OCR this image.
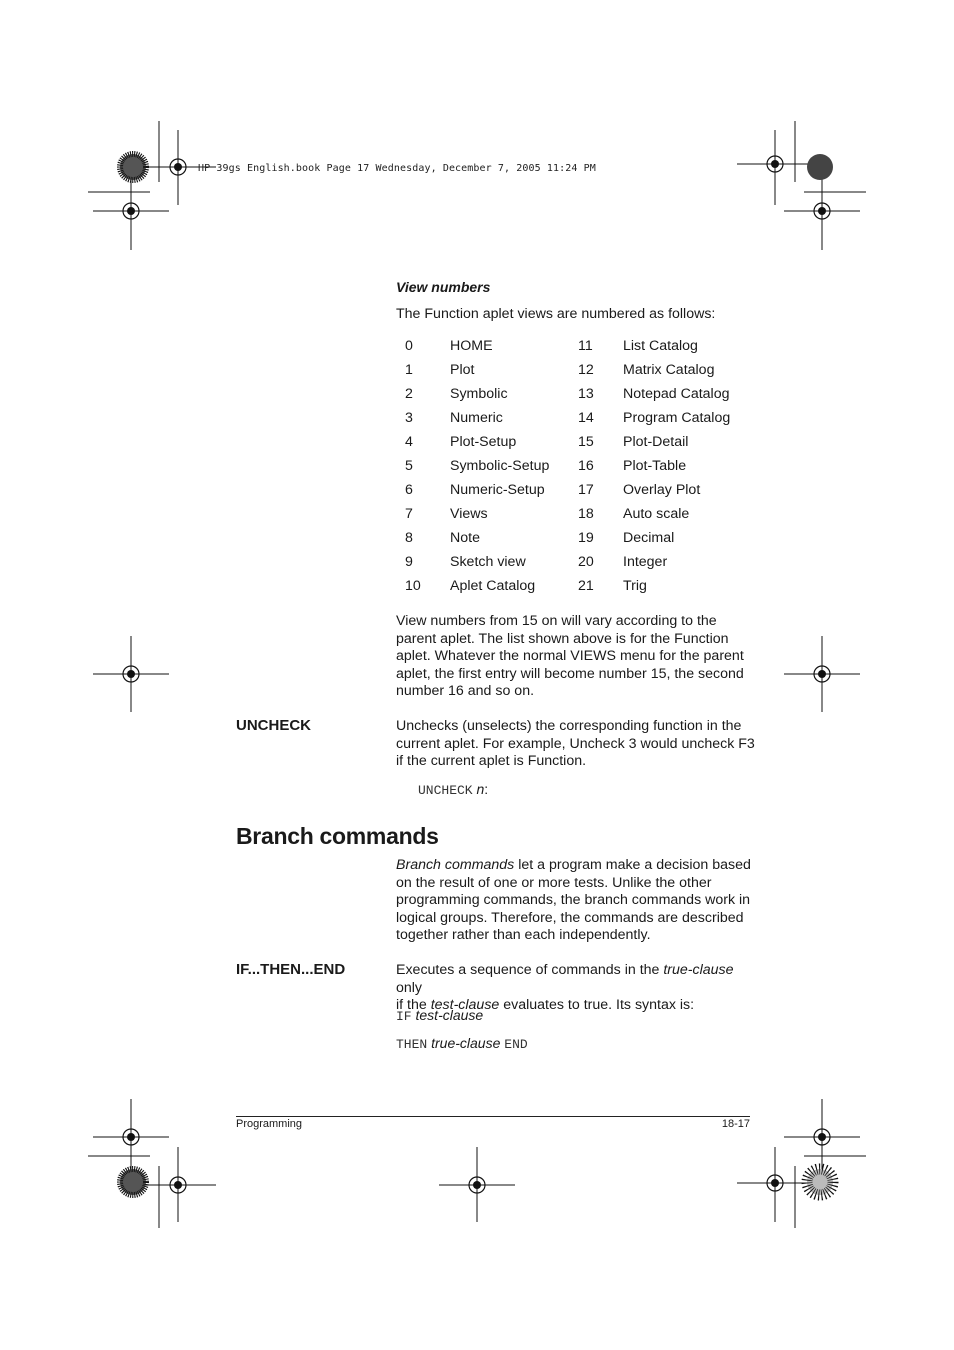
HP 39gs English.book Page 17 Wednesday, December 7, 2005 11:24 PM
View numbers
The Function aplet views are numbered as follows:
0	HOME	11	List Catalog
1	Plot	12	Matrix Catalog
2	Symbolic	13	Notepad Catalog
3	Numeric	14	Program Catalog
4	Plot-Setup	15	Plot-Detail
5	Symbolic-Setup	16	Plot-Table
6	Numeric-Setup	17	Overlay Plot
7	Views	18	Auto scale
8	Note	19	Decimal
9	Sketch view	20	Integer
10	Aplet Catalog	21	Trig
View numbers from 15 on will vary according to the
parent aplet. The list shown above is for the Function
aplet. Whatever the normal VIEWS menu for the parent
aplet, the first entry will become number 15, the second
number 16 and so on.
UNCHECK	Unchecks (unselects) the corresponding function in the
current aplet. For example, Uncheck 3 would uncheck F3
if the current aplet is Function.
UNCHECK n:
Branch commands
Branch commands let a program make a decision based
on the result of one or more tests. Unlike the other
programming commands, the branch commands work in
logical groups. Therefore, the commands are described
together rather than each independently.
IF...THEN...END	Executes a sequence of commands in the true-clause only
if the test-clause evaluates to true. Its syntax is:
IF test-clause
THEN true-clause END
Programming	18-17
